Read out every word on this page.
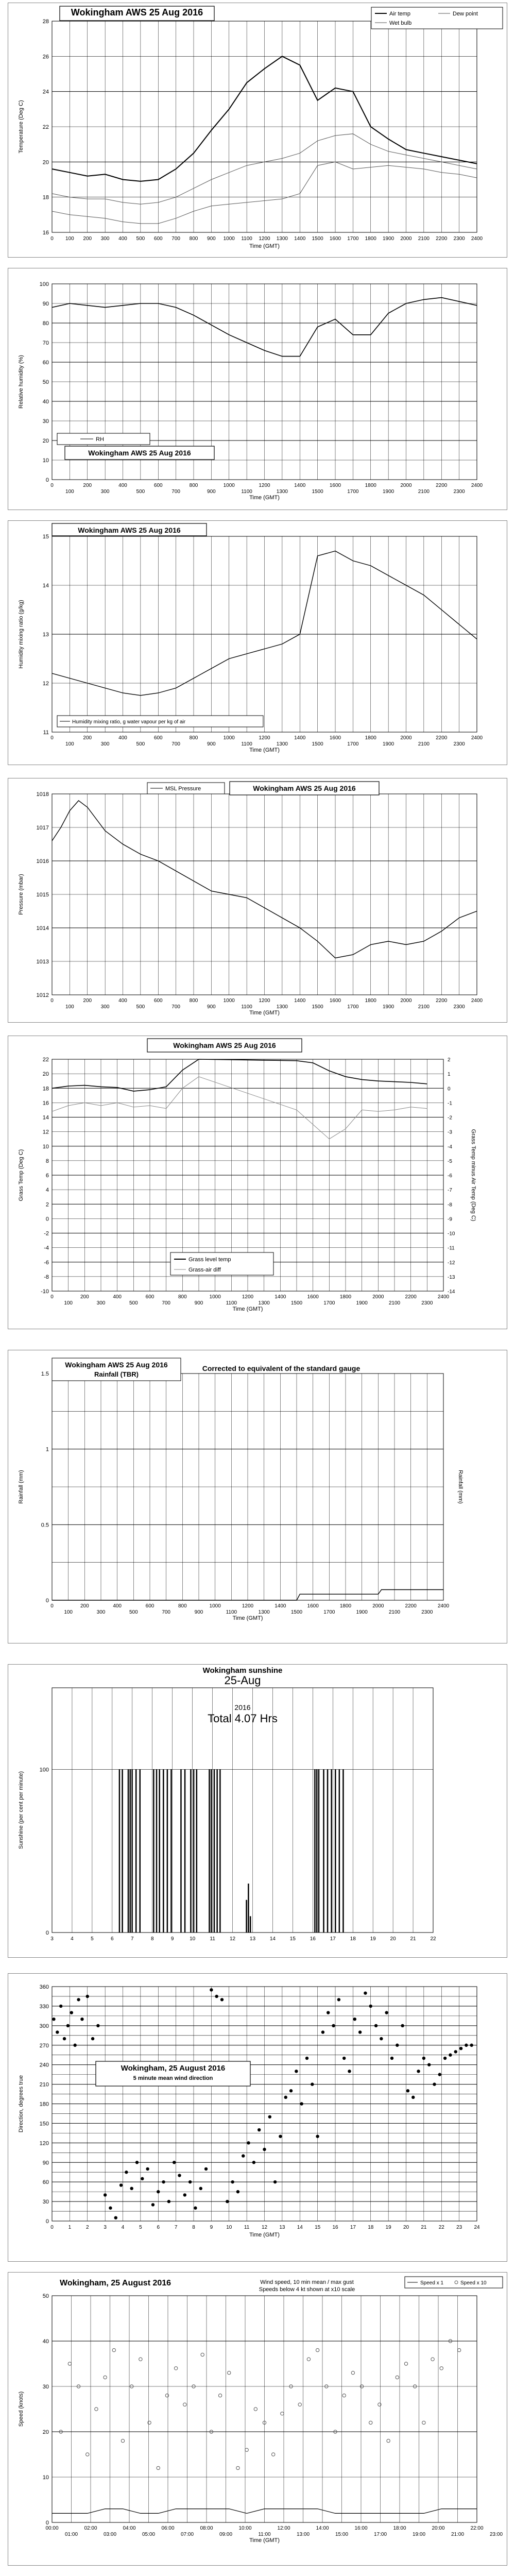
16
18
20
22
24
26
28
0 100 200 300 400 500 600 700 800 900 1000 1100 1200 1300 1400 1500 1600 1700 1800 1900 2000 2100 2200 2300 2400
Time (GMT)
Temperature (Deg C)
Wokingham AWS 25 Aug 2016	Air temp
Wet bulb
Dew point
0
10
20
30
40
50
60
70
80
90
100
0	200	400	600	800	1000	1200	1400	1600	1800	2000	2200	2400
100	300	500	700	900	1100	1300	1500	1700	1900	2100	2300
Time (GMT)
Relative humidity (%)
RH
Wokingham AWS 25 Aug 2016
11
12
13
14
15
0	200	400	600	800	1000	1200	1400	1600	1800	2000	2200	2400
100	300	500	700	900	1100	1300	1500	1700	1900	2100	2300
Time (GMT)
Humidity mixing ratio (g/kg)
Wokingham AWS 25 Aug 2016
Humidity mixing ratio, g water vapour per kg of air
1012
1013
1014
1015
1016
1017
1018
0	200	400	600	800	1000	1200	1400	1600	1800	2000	2200	2400
100	300	500	700	900	1100	1300	1500	1700	1900	2100	2300
Time (GMT)
Pressure (mbar)
MSL Pressure	Wokingham AWS 25 Aug 2016
-10
-8
-6
-4
-2
0
2
4
6
8
10
12
14
16
18
20
22
0	200	400	600	800	1000	1200	1400	1600	1800	2000	2200	2400
100	300	500	700	900	1100	1300	1500	1700	1900	2100	2300
Time (GMT)
Grass Temp (Deg C)
Wokingham AWS 25 Aug 2016
-14
-13
-12
-11
-10
-9
-8
-7
-6
-5
-4
-3
-2
-1
0
1
2
Grass Temp minus Air Temp (Deg C)
Grass level temp
Grass-air diff
0
0.5
1
1.5
0	200	400	600	800	1000	1200	1400	1600	1800	2000	2200	2400
100	300	500	700	900	1100	1300	1500	1700	1900	2100	2300
Time (GMT)
Rainfall (mm)
Wokingham AWS 25 Aug 2016
Rainfall (TBR)
Corrected to equivalent of the standard gauge
Rainfall (mm)
0
100
3	4	5	6	7	8	9	10	11	12	13	14	15	16	17	18	19	20	21	22
Sunshine (per cent per minute)
Wokingham sunshine
25-Aug
2016
Total 4.07 Hrs
0
30
60
90
120
150
180
210
240
270
300
330
360
0	1	2	3	4	5	6	7	8	9	10 11 12 13 14 15 16 17 18 19 20 21 22 23 24
Time (GMT)
Direction, degrees true
Wokingham, 25 August 2016
5 minute mean wind direction
0
10
20
30
40
50
00:00	02:00	04:00	06:00	08:00	10:00	12:00	14:00	16:00	18:00	20:00	22:00
01:00	03:00	05:00	07:00	09:00	11:00	13:00	15:00	17:00	19:00	21:00	23:00
Time (GMT)
Speed (knots)
Wokingham, 25 August 2016	Wind speed, 10 min mean / max gust
Speeds below 4 kt shown at x10 scale
Speed x 1	Speed x 10
